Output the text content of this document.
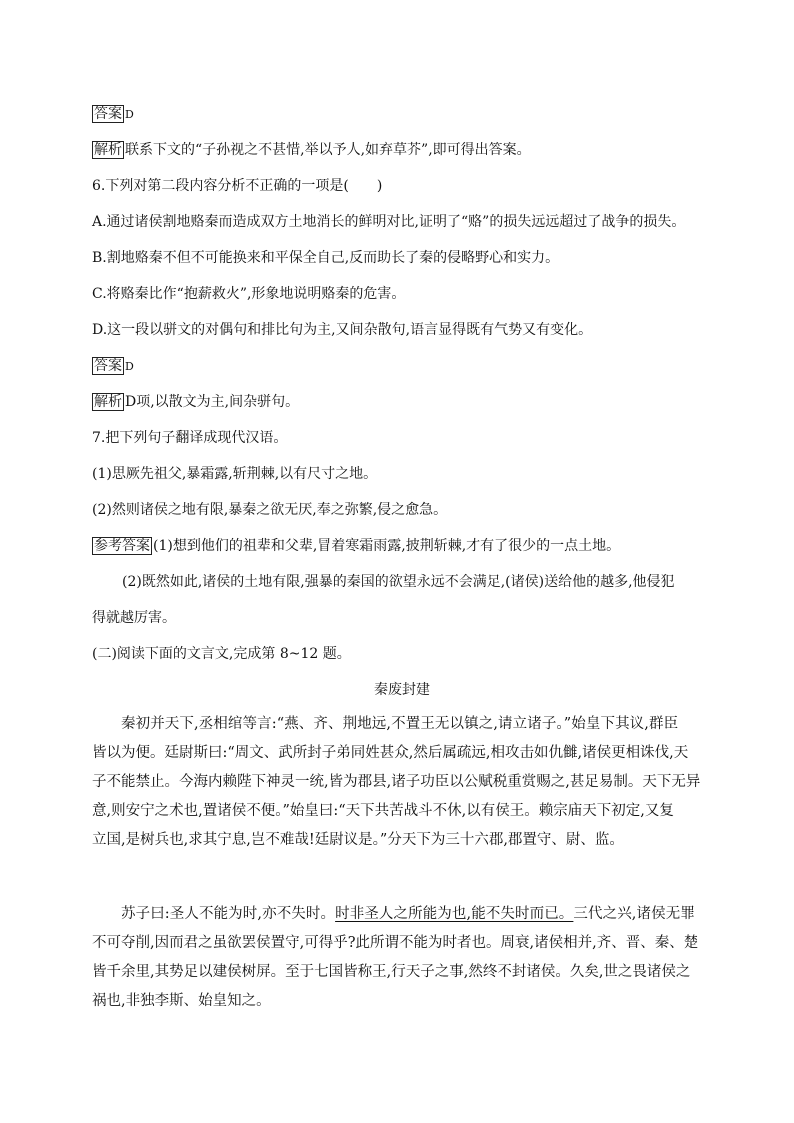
答案 D
解析 联系下文的“子孙视之不甚惜,举以予人,如弃草芥”,即可得出答案。
6.下列对第二段内容分析不正确的一项是(　　)
A.通过诸侯割地赂秦而造成双方土地消长的鲜明对比,证明了“赂”的损失远远超过了战争的损失。
B.割地赂秦不但不可能换来和平保全自己,反而助长了秦的侵略野心和实力。
C.将赂秦比作“抱薪救火”,形象地说明赂秦的危害。
D.这一段以骈文的对偶句和排比句为主,又间杂散句,语言显得既有气势又有变化。
答案 D
解析 D项,以散文为主,间杂骈句。
7.把下列句子翻译成现代汉语。
(1)思厥先祖父,暴霜露,斩荆棘,以有尺寸之地。
(2)然则诸侯之地有限,暴秦之欲无厌,奉之弥繁,侵之愈急。
参考答案 (1)想到他们的祖辈和父辈,冒着寒霜雨露,披荆斩棘,才有了很少的一点土地。
(2)既然如此,诸侯的土地有限,强暴的秦国的欲望永远不会满足,(诸侯)送给他的越多,他侵犯
得就越厉害。
(二)阅读下面的文言文,完成第 8~12 题。
秦废封建
秦初并天下,丞相绾等言:“燕、齐、荆地远,不置王无以镇之,请立诸子。”始皇下其议,群臣
皆以为便。廷尉斯曰:“周文、武所封子弟同姓甚众,然后属疏远,相攻击如仇雠,诸侯更相诛伐,天
子不能禁止。今海内赖陛下神灵一统,皆为郡县,诸子功臣以公赋税重赏赐之,甚足易制。天下无异
意,则安宁之术也,置诸侯不便。”始皇曰:“天下共苦战斗不休,以有侯王。赖宗庙天下初定,又复
立国,是树兵也,求其宁息,岂不难哉!廷尉议是。”分天下为三十六郡,郡置守、尉、监。
苏子曰:圣人不能为时,亦不失时。时非圣人之所能为也,能不失时而已。三代之兴,诸侯无罪
不可夺削,因而君之虽欲罢侯置守,可得乎?此所谓不能为时者也。周衰,诸侯相并,齐、晋、秦、楚
皆千余里,其势足以建侯树屏。至于七国皆称王,行天子之事,然终不封诸侯。久矣,世之畏诸侯之
祸也,非独李斯、始皇知之。
